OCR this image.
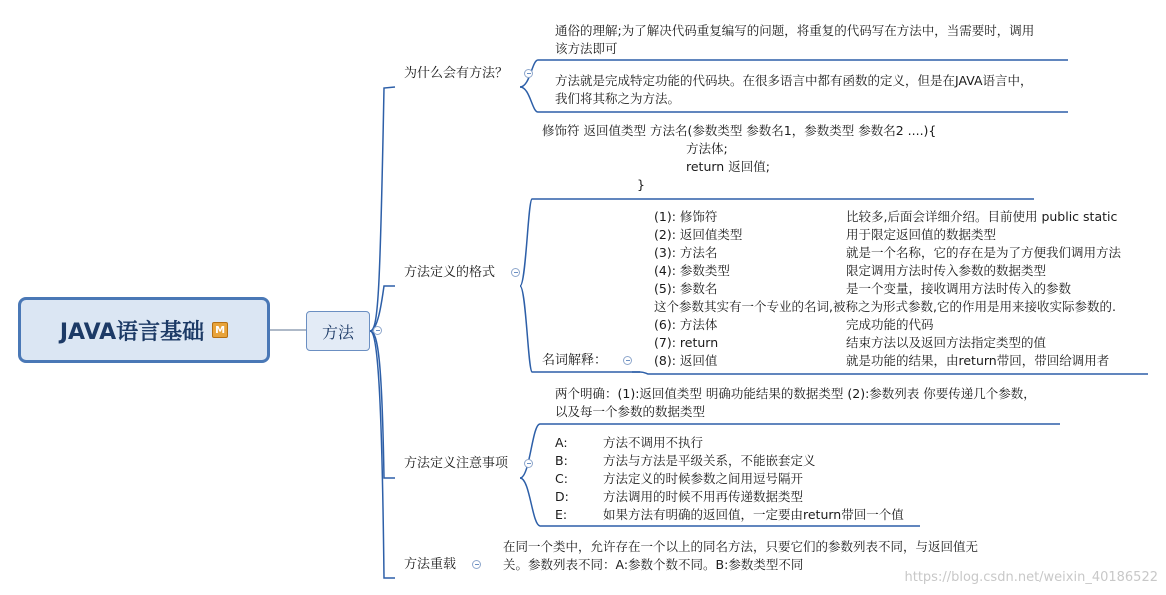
JAVA语言基础	M	方法
为什么会有方法？
通俗的理解;为了解决代码重复编写的问题，将重复的代码写在方法中，当需要时，调用
该方法即可
方法就是完成特定功能的代码块。在很多语言中都有函数的定义，但是在JAVA语言中，
我们将其称之为方法。
方法定义的格式
修饰符 返回值类型 方法名(参数类型 参数名1，参数类型 参数名2 ....){
方法体;
return 返回值;
}
名词解释：
(1): 修饰符	比较多,后面会详细介绍。目前使用 public static
(2): 返回值类型	用于限定返回值的数据类型
(3): 方法名	就是一个名称，它的存在是为了方便我们调用方法
(4): 参数类型	限定调用方法时传入参数的数据类型
(5): 参数名	是一个变量，接收调用方法时传入的参数
这个参数其实有一个专业的名词,被称之为形式参数,它的作用是用来接收实际参数的.
(6): 方法体	完成功能的代码
(7): return	结束方法以及返回方法指定类型的值
(8): 返回值	就是功能的结果，由return带回，带回给调用者
方法定义注意事项
两个明确：(1):返回值类型 明确功能结果的数据类型 (2):参数列表 你要传递几个参数，
以及每一个参数的数据类型
A:	方法不调用不执行
B:	方法与方法是平级关系，不能嵌套定义
C:	方法定义的时候参数之间用逗号隔开
D:	方法调用的时候不用再传递数据类型
E:	如果方法有明确的返回值，一定要由return带回一个值
方法重载
在同一个类中，允许存在一个以上的同名方法，只要它们的参数列表不同，与返回值无
关。参数列表不同：A:参数个数不同。B:参数类型不同
https://blog.csdn.net/weixin_40186522
